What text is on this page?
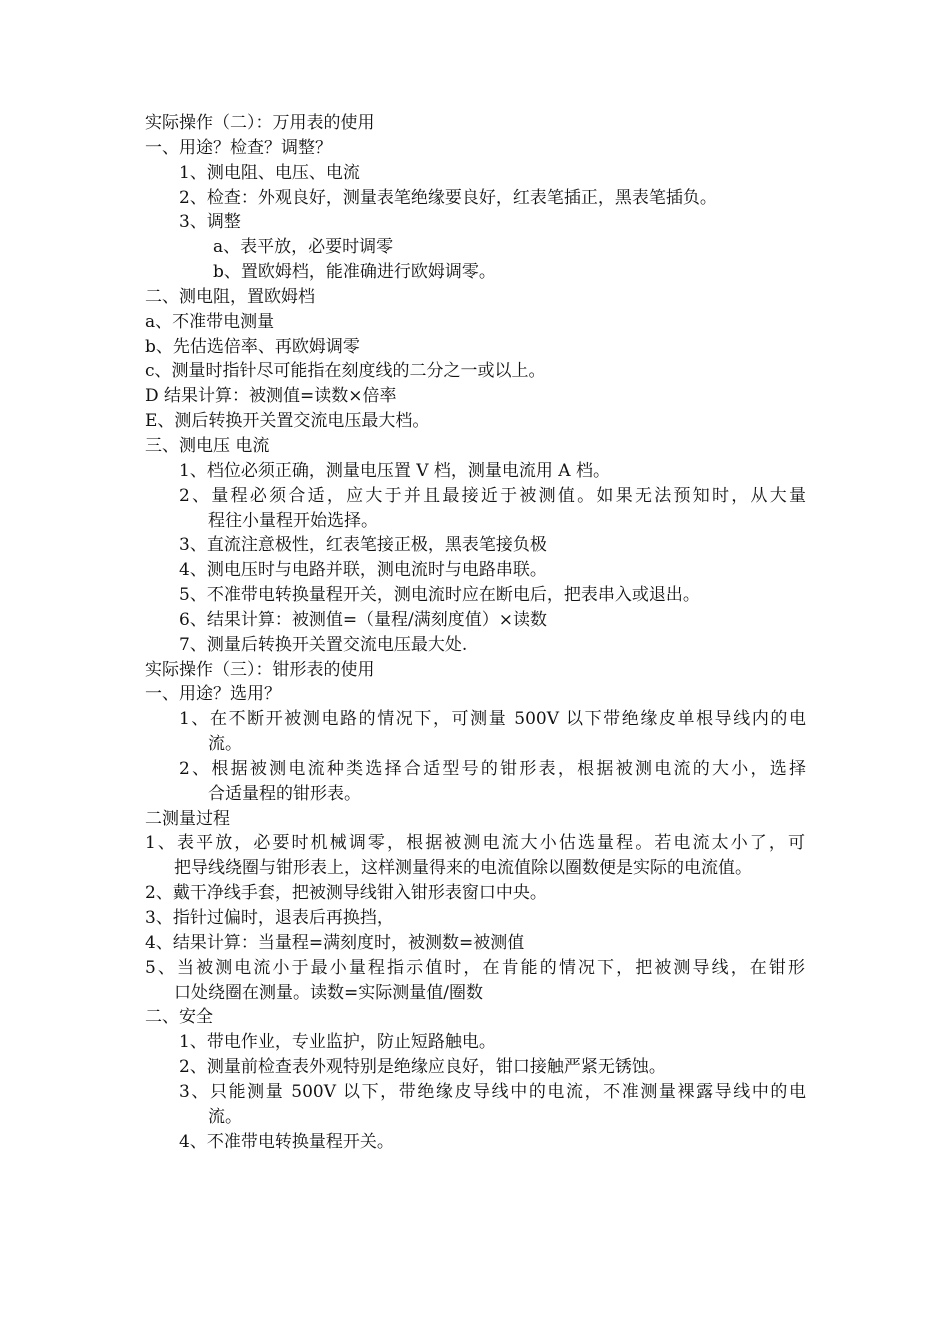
实际操作（二）：万用表的使用
一、用途？检查？调整？
1、测电阻、电压、电流
2、检查：外观良好，测量表笔绝缘要良好，红表笔插正，黑表笔插负。
3、调整
a、表平放，必要时调零
b、置欧姆档，能准确进行欧姆调零。
二、测电阻，置欧姆档
a、不准带电测量
b、先估选倍率、再欧姆调零
c、测量时指针尽可能指在刻度线的二分之一或以上。
D 结果计算：被测值=读数×倍率
E、测后转换开关置交流电压最大档。
三、测电压 电流
1、档位必须正确，测量电压置 V 档，测量电流用 A 档。
2、量程必须合适，应大于并且最接近于被测值。如果无法预知时，从大量
程往小量程开始选择。
3、直流注意极性，红表笔接正极，黑表笔接负极
4、测电压时与电路并联，测电流时与电路串联。
5、不准带电转换量程开关，测电流时应在断电后，把表串入或退出。
6、结果计算：被测值=（量程/满刻度值）×读数
7、测量后转换开关置交流电压最大处.
实际操作（三）：钳形表的使用
一、用途？选用？
1、在不断开被测电路的情况下，可测量 500V 以下带绝缘皮单根导线内的电
流。
2、根据被测电流种类选择合适型号的钳形表，根据被测电流的大小，选择
合适量程的钳形表。
二测量过程
1、表平放，必要时机械调零，根据被测电流大小估选量程。若电流太小了，可
把导线绕圈与钳形表上，这样测量得来的电流值除以圈数便是实际的电流值。
2、戴干净线手套，把被测导线钳入钳形表窗口中央。
3、指针过偏时，退表后再换挡，
4、结果计算：当量程=满刻度时，被测数=被测值
5、当被测电流小于最小量程指示值时，在肯能的情况下，把被测导线，在钳形
口处绕圈在测量。读数=实际测量值/圈数
二、安全
1、带电作业，专业监护，防止短路触电。
2、测量前检查表外观特别是绝缘应良好，钳口接触严紧无锈蚀。
3、只能测量 500V 以下，带绝缘皮导线中的电流，不准测量裸露导线中的电
流。
4、不准带电转换量程开关。
